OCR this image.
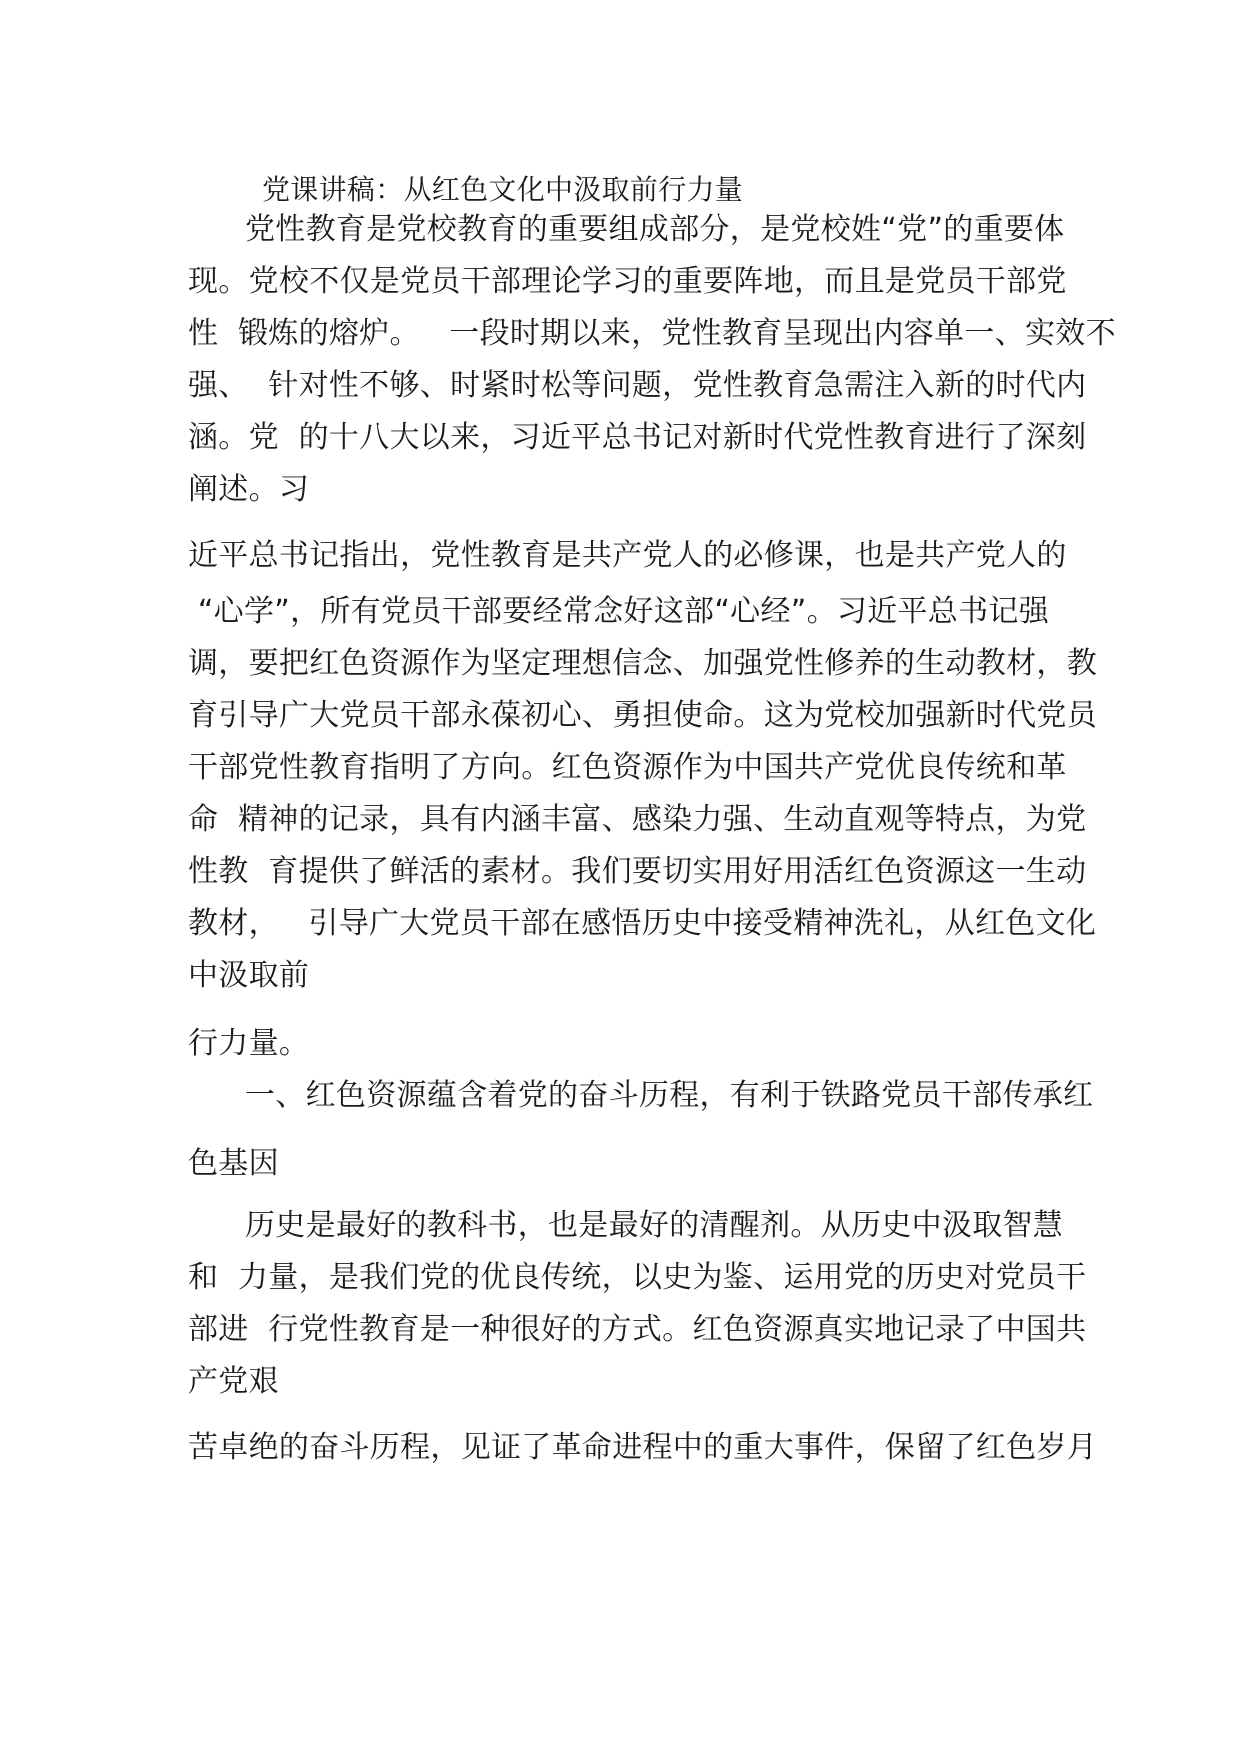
党课讲稿：从红色文化中汲取前行力量
党性教育是党校教育的重要组成部分，是党校姓“党”的重要体
现。党校不仅是党员干部理论学习的重要阵地，而且是党员干部党
性  锻炼的熔炉。   一段时期以来，党性教育呈现出内容单一、实效不
强、  针对性不够、时紧时松等问题，党性教育急需注入新的时代内
涵。党  的十八大以来，习近平总书记对新时代党性教育进行了深刻
阐述。习
近平总书记指出，党性教育是共产党人的必修课，也是共产党人的
“心学”，所有党员干部要经常念好这部“心经”。习近平总书记强
调，要把红色资源作为坚定理想信念、加强党性修养的生动教材，教
育引导广大党员干部永葆初心、勇担使命。这为党校加强新时代党员
干部党性教育指明了方向。红色资源作为中国共产党优良传统和革
命  精神的记录，具有内涵丰富、感染力强、生动直观等特点，为党
性教  育提供了鲜活的素材。我们要切实用好用活红色资源这一生动
教材，   引导广大党员干部在感悟历史中接受精神洗礼，从红色文化
中汲取前
行力量。
一、红色资源蕴含着党的奋斗历程，有利于铁路党员干部传承红
色基因
历史是最好的教科书，也是最好的清醒剂。从历史中汲取智慧
和  力量，是我们党的优良传统，以史为鉴、运用党的历史对党员干
部进  行党性教育是一种很好的方式。红色资源真实地记录了中国共
产党艰
苦卓绝的奋斗历程，见证了革命进程中的重大事件，保留了红色岁月
